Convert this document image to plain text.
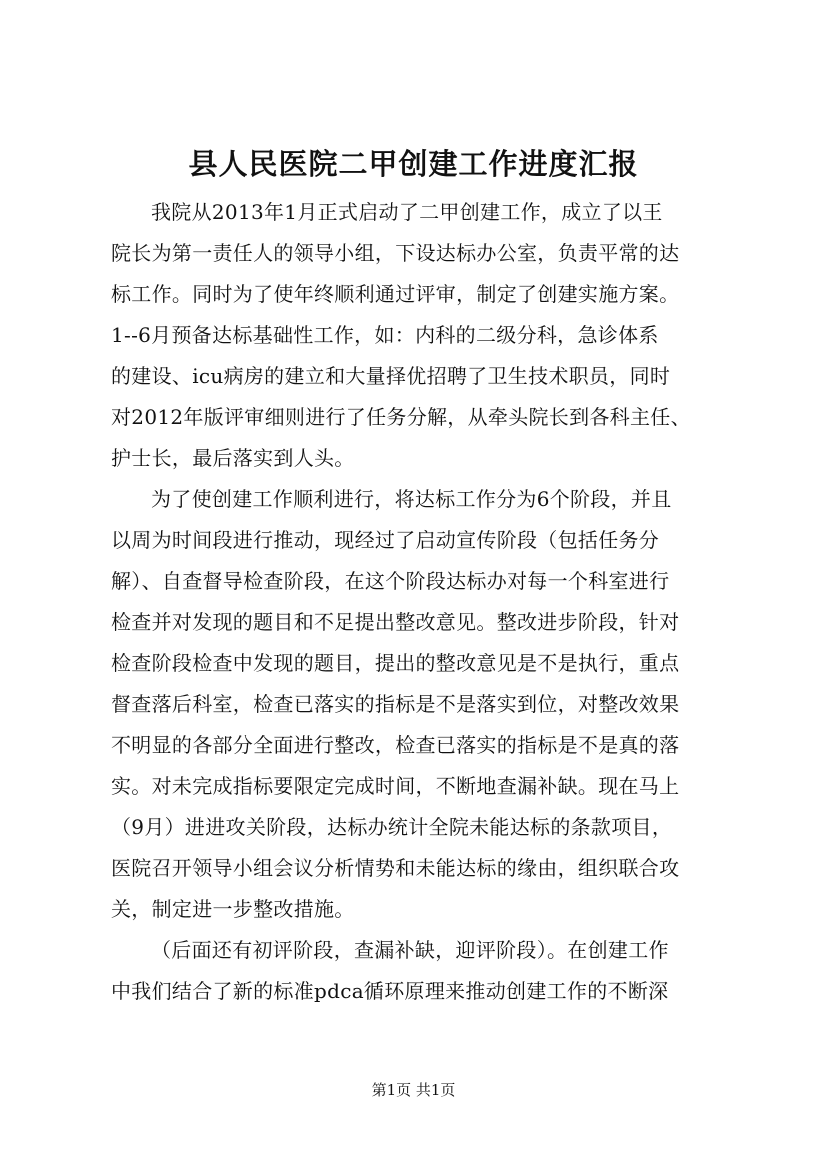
县人民医院二甲创建工作进度汇报
我院从2013年1月正式启动了二甲创建工作，成立了以王
院长为第一责任人的领导小组，下设达标办公室，负责平常的达
标工作。同时为了使年终顺利通过评审，制定了创建实施方案。
1--6月预备达标基础性工作，如：内科的二级分科，急诊体系
的建设、icu病房的建立和大量择优招聘了卫生技术职员，同时
对2012年版评审细则进行了任务分解，从牵头院长到各科主任、
护士长，最后落实到人头。
为了使创建工作顺利进行，将达标工作分为6个阶段，并且
以周为时间段进行推动，现经过了启动宣传阶段（包括任务分
解）、自查督导检查阶段，在这个阶段达标办对每一个科室进行
检查并对发现的题目和不足提出整改意见。整改进步阶段，针对
检查阶段检查中发现的题目，提出的整改意见是不是执行，重点
督查落后科室，检查已落实的指标是不是落实到位，对整改效果
不明显的各部分全面进行整改，检查已落实的指标是不是真的落
实。对未完成指标要限定完成时间，不断地查漏补缺。现在马上
（9月）进进攻关阶段，达标办统计全院未能达标的条款项目，
医院召开领导小组会议分析情势和未能达标的缘由，组织联合攻
关，制定进一步整改措施。
（后面还有初评阶段，查漏补缺，迎评阶段）。在创建工作
中我们结合了新的标准pdca循环原理来推动创建工作的不断深
第1页 共1页
